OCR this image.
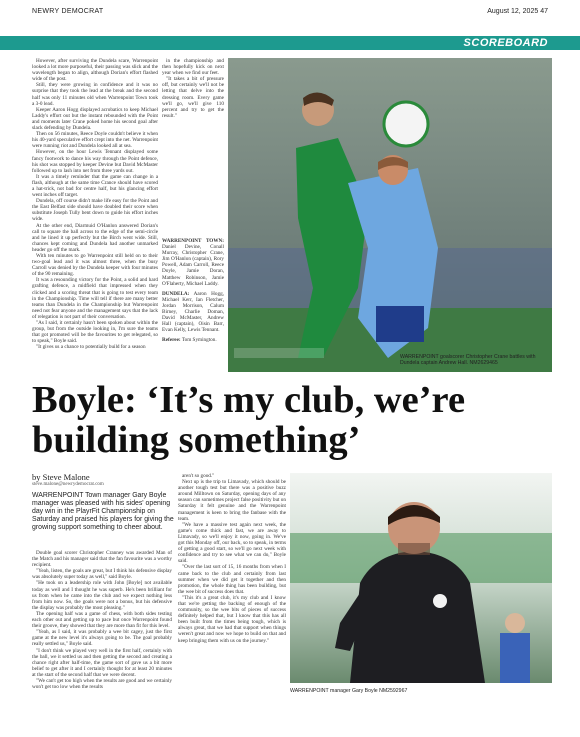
NEWRY DEMOCRAT	August 12, 2025 47
SCOREBOARD

However, after surviving the Dundela scare, Warrenpoint looked a lot more purposeful, their passing was slick and the wavelength began to align, although Dorian's effort flashed wide of the post.

Still, they were growing in confidence and it was no surprise that they took the lead at the break and the second half was only 11 minutes old when Warrenpoint Town took a 3-0 lead.

Keeper Aaron Hogg displayed acrobatics to keep Michael Laddy's effort out but the instant rebounded with the Point and moments later Crane poked home his second goal after slack defending by Dundela.

Then on 56 minutes, Reece Doyle couldn't believe it when his 40-yard speculative effort crept into the net. Warrenpoint were running riot and Dundela looked all at sea.

However, on the hour Lewis Tennant displayed some fancy footwork to dance his way through the Point defence, his shot was stopped by keeper Devine but David McMaster followed up to lash into net from three yards out.

It was a timely reminder that the game can change in a flash, although at the same time Crance should have scored a hat-trick, not bad for centre half, but his glancing effort went inches off target.

Dundela, off course didn't make life easy for the Point and the East Belfast side should have doubled their score when substitute Joseph Tully bent down to guide his effort inches wide.

At the other end, Diarmuid O'Hanlon answered Dorian's call to square the ball across to the edge of the semi-circle and he lined it up perfectly but the Birch went wide. Still, chances kept coming and Dundela had another unmarked header go off the mark.

With ten minutes to go Warrenpoint still held on to their two-goal lead and it was almost three, when the busy Carroll was denied by the Dundela keeper with four minutes of the 90 remaining.

It was a resounding victory for the Point, a solid and hard grafting defence, a midfield that impressed when they clicked and a scoring threat that is going to test every team in the Championship. Time will tell if there are many better teams than Dundela in the Championship but Warrenpoint need not fear anyone and the management says that the lack of relegation is not part of their conversation.

"As I said, it certainly hasn't been spoken about within the group, but from the outside looking in, I'm sure the teams that got promoted will be the favourites to get relegated, so to speak," Boyle said.

"It gives us a chance to potentially build for a season

in the championship and then hopefully kick on next year when we find our feet.

"It takes a bit of pressure off, but certainly we'll not be letting that delve into the dressing room. Every game we'll go, we'll give 110 percent and try to get the result."

WARRENPOINT TOWN: Daniel Devine, Conall Murray, Christopher Crane, Jim O'Hanlon (captain), Rory Powell, Adam Carroll, Reece Doyle, Jamie Doran, Matthew Robinson, Jamie O'Flaherty, Michael Laddy.

DUNDELA: Aaron Hogg, Michael Kerr, Ian Fletcher, Jordan Morrison, Calum Birney, Charlie Doman, David McMaster, Andrew Hall (captain), Oisin Barr, Evan Kelly, Lewis Tennant.

Referee: Tom Symington.

WARRENPOINT goalscorer Christopher Crane battles with Dundela captain Andrew Hall. NM2629465
Boyle: ‘It’s my club, we’re
building something’
by Steve Malone
steve.malone@newrydemocrat.com
WARRENPOINT Town manager Gary Boyle manager was pleased with his sides' opening day win in the PlayrFit Championship on Saturday and praised his players for giving the growing support something to cheer about.

Double goal scorer Christopher Cranney was awarded Man of the Match and his manager said that the fan favourite was a worthy recipient.

"Yeah, listen, the goals are great, but I think his defensive display was absolutely super today as well," said Boyle.

"He took on a leadership role with John [Boyle] not available today as well and I thought he was superb. He's been brilliant for us from when he came into the club and we expect nothing less from him now. So, the goals were not a bonus, but his defensive the display was probably the most pleasing."

The opening half was a game of chess, with both sides testing each other out and getting up to pace but once Warrenpoint found their groove, they showed that they are more than fit for this level.

"Yeah, as I said, it was probably a wee bit cagey, just the first game at the new level it's always going to be. The goal probably really settled us," Boyle said.

"I don't think we played very well in the first half, certainly with the ball, we it settled us and then getting the second and creating a chance right after half-time, the game sort of gave us a bit more belief to get after it and I certainly thought for at least 20 minutes at the start of the second half that we were decent.

"We can't get too high when the results are good and we certainly won't get too low when the results

aren't so good."

Next up is the trip to Limavady, which should be another tough test but there was a positive buzz around Milltown on Saturday, opening days of any season can sometimes project false positivity but on Saturday it felt genuine and the Warrenpoint management is keen to bring the fanbase with the team.

"We have a massive test again next week, the game's come thick and fast, we are away to Limavady, so we'll enjoy it now, going in. We've got this Monday off, our back, so to speak, in terms of getting a good start, so we'll go next week with confidence and try to see what we can do," Boyle said.

"Over the last sort of 15, 16 months from when I came back to the club and certainly from last summer when we did get it together and then promotion, the whole thing has been building, but the wee bit of success does that.

"This it's a great club, it's my club and I know that we're getting the backing of enough of the community, so the wee bits of pieces of success definitely helped that, but I know that this has all been built from the times being tough, which is always great, that we had that support when things weren't great and now we hope to build on that and keep bringing them with us on the journey."

WARRENPOINT manager Gary Boyle NM2592967
